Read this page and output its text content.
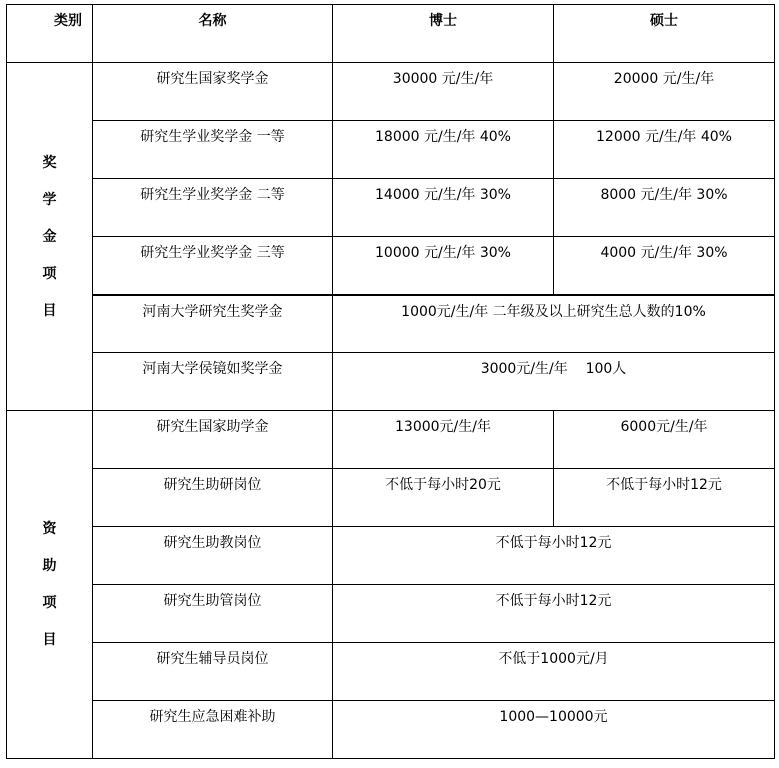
类别	名称	博士	硕士

奖
学
金
项
目	研究生国家奖学金	30000 元/生/年	20000 元/生/年
	研究生学业奖学金 一等	18000 元/生/年 40%	12000 元/生/年 40%
	研究生学业奖学金 二等	14000 元/生/年 30%	8000 元/生/年 30%
	研究生学业奖学金 三等	10000 元/生/年 30%	4000 元/生/年 30%
	河南大学研究生奖学金	1000元/生/年 二年级及以上研究生总人数的10%	
	河南大学侯镜如奖学金	3000元/生/年    100人	

资
助
项
目	研究生国家助学金	13000元/生/年	6000元/生/年
	研究生助研岗位	不低于每小时20元	不低于每小时12元
	研究生助教岗位	不低于每小时12元	
	研究生助管岗位	不低于每小时12元	
	研究生辅导员岗位	不低于1000元/月	
	研究生应急困难补助	1000—10000元	
